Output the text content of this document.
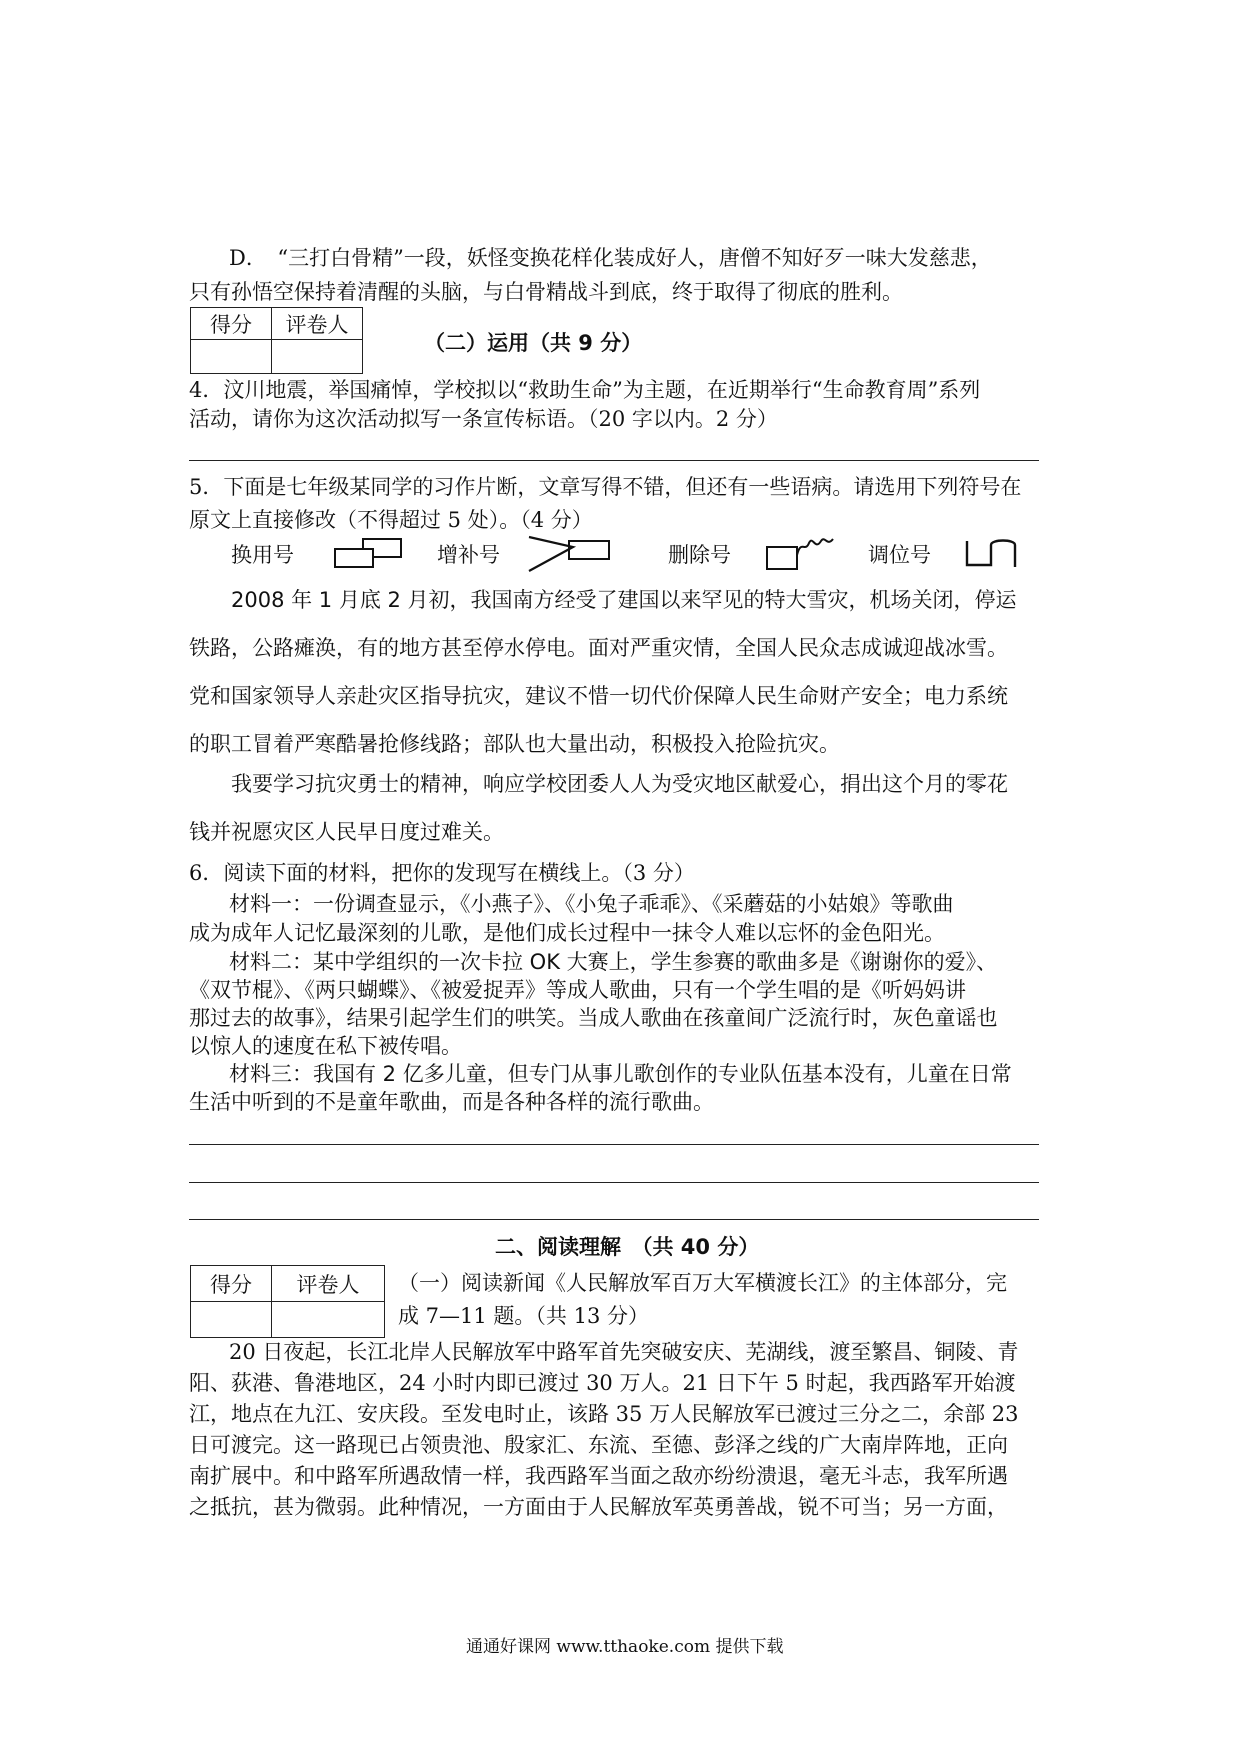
D．　“三打白骨精”一段，妖怪变换花样化装成好人，唐僧不知好歹一味大发慈悲，
只有孙悟空保持着清醒的头脑，与白骨精战斗到底，终于取得了彻底的胜利。
得分	评卷人

（二）运用（共 9 分）
4．汶川地震，举国痛悼，学校拟以“救助生命”为主题，在近期举行“生命教育周”系列
活动，请你为这次活动拟写一条宣传标语。（20 字以内。2 分）
5．下面是七年级某同学的习作片断，文章写得不错，但还有一些语病。请选用下列符号在
原文上直接修改（不得超过 5 处）。（4 分）
换用号	增补号	删除号	调位号
2008 年 1 月底 2 月初，我国南方经受了建国以来罕见的特大雪灾，机场关闭，停运
铁路，公路瘫涣，有的地方甚至停水停电。面对严重灾情，全国人民众志成诚迎战冰雪。
党和国家领导人亲赴灾区指导抗灾，建议不惜一切代价保障人民生命财产安全；电力系统
的职工冒着严寒酷暑抢修线路；部队也大量出动，积极投入抢险抗灾。
我要学习抗灾勇士的精神，响应学校团委人人为受灾地区献爱心，捐出这个月的零花
钱并祝愿灾区人民早日度过难关。
6．阅读下面的材料，把你的发现写在横线上。（3 分）
材料一：一份调查显示，《小燕子》、《小兔子乖乖》、《采蘑菇的小姑娘》等歌曲
成为成年人记忆最深刻的儿歌，是他们成长过程中一抹令人难以忘怀的金色阳光。
材料二：某中学组织的一次卡拉 OK 大赛上，学生参赛的歌曲多是《谢谢你的爱》、
《双节棍》、《两只蝴蝶》、《被爱捉弄》等成人歌曲，只有一个学生唱的是《听妈妈讲
那过去的故事》，结果引起学生们的哄笑。当成人歌曲在孩童间广泛流行时，灰色童谣也
以惊人的速度在私下被传唱。
材料三：我国有 2 亿多儿童，但专门从事儿歌创作的专业队伍基本没有，儿童在日常
生活中听到的不是童年歌曲，而是各种各样的流行歌曲。
二、阅读理解　（共 40 分）
得分	评卷人
	（一）阅读新闻《人民解放军百万大军横渡长江》的主体部分，完
成 7—11 题。（共 13 分）
20 日夜起，长江北岸人民解放军中路军首先突破安庆、芜湖线，渡至繁昌、铜陵、青
阳、荻港、鲁港地区，24 小时内即已渡过 30 万人。21 日下午 5 时起，我西路军开始渡
江，地点在九江、安庆段。至发电时止，该路 35 万人民解放军已渡过三分之二，余部 23
日可渡完。这一路现已占领贵池、殷家汇、东流、至德、彭泽之线的广大南岸阵地，正向
南扩展中。和中路军所遇敌情一样，我西路军当面之敌亦纷纷溃退，毫无斗志，我军所遇
之抵抗，甚为微弱。此种情况，一方面由于人民解放军英勇善战，锐不可当；另一方面，
通通好课网 www.tthaoke.com 提供下载
